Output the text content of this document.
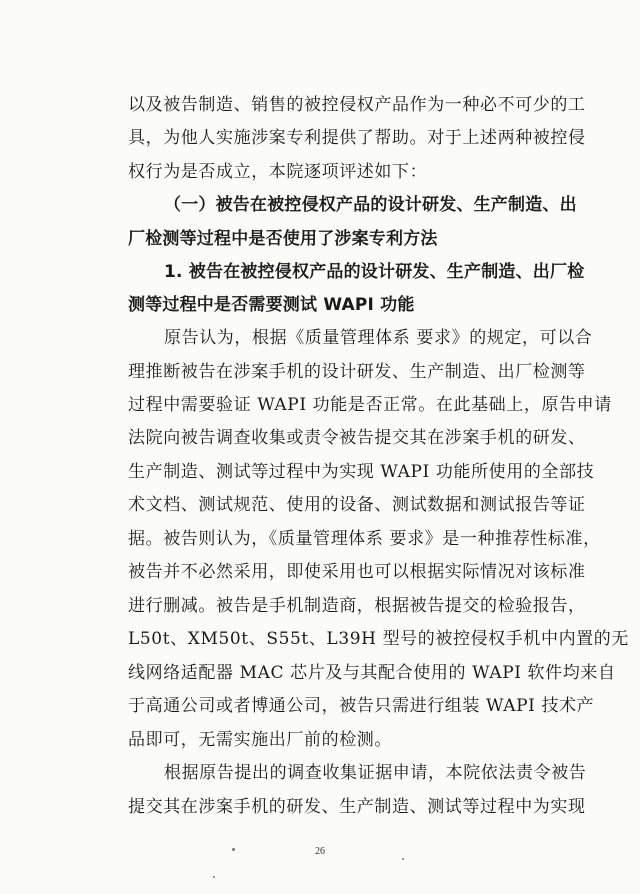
以及被告制造、销售的被控侵权产品作为一种必不可少的工
具，为他人实施涉案专利提供了帮助。对于上述两种被控侵
权行为是否成立，本院逐项评述如下：
（一）被告在被控侵权产品的设计研发、生产制造、出
厂检测等过程中是否使用了涉案专利方法
1. 被告在被控侵权产品的设计研发、生产制造、出厂检
测等过程中是否需要测试 WAPI 功能
原告认为，根据《质量管理体系 要求》的规定，可以合
理推断被告在涉案手机的设计研发、生产制造、出厂检测等
过程中需要验证 WAPI 功能是否正常。在此基础上，原告申请
法院向被告调查收集或责令被告提交其在涉案手机的研发、
生产制造、测试等过程中为实现 WAPI 功能所使用的全部技
术文档、测试规范、使用的设备、测试数据和测试报告等证
据。被告则认为，《质量管理体系 要求》是一种推荐性标准，
被告并不必然采用，即使采用也可以根据实际情况对该标准
进行删减。被告是手机制造商，根据被告提交的检验报告，
L50t、XM50t、S55t、L39H 型号的被控侵权手机中内置的无
线网络适配器 MAC 芯片及与其配合使用的 WAPI 软件均来自
于高通公司或者博通公司，被告只需进行组装 WAPI 技术产
品即可，无需实施出厂前的检测。
根据原告提出的调查收集证据申请，本院依法责令被告
提交其在涉案手机的研发、生产制造、测试等过程中为实现
26
